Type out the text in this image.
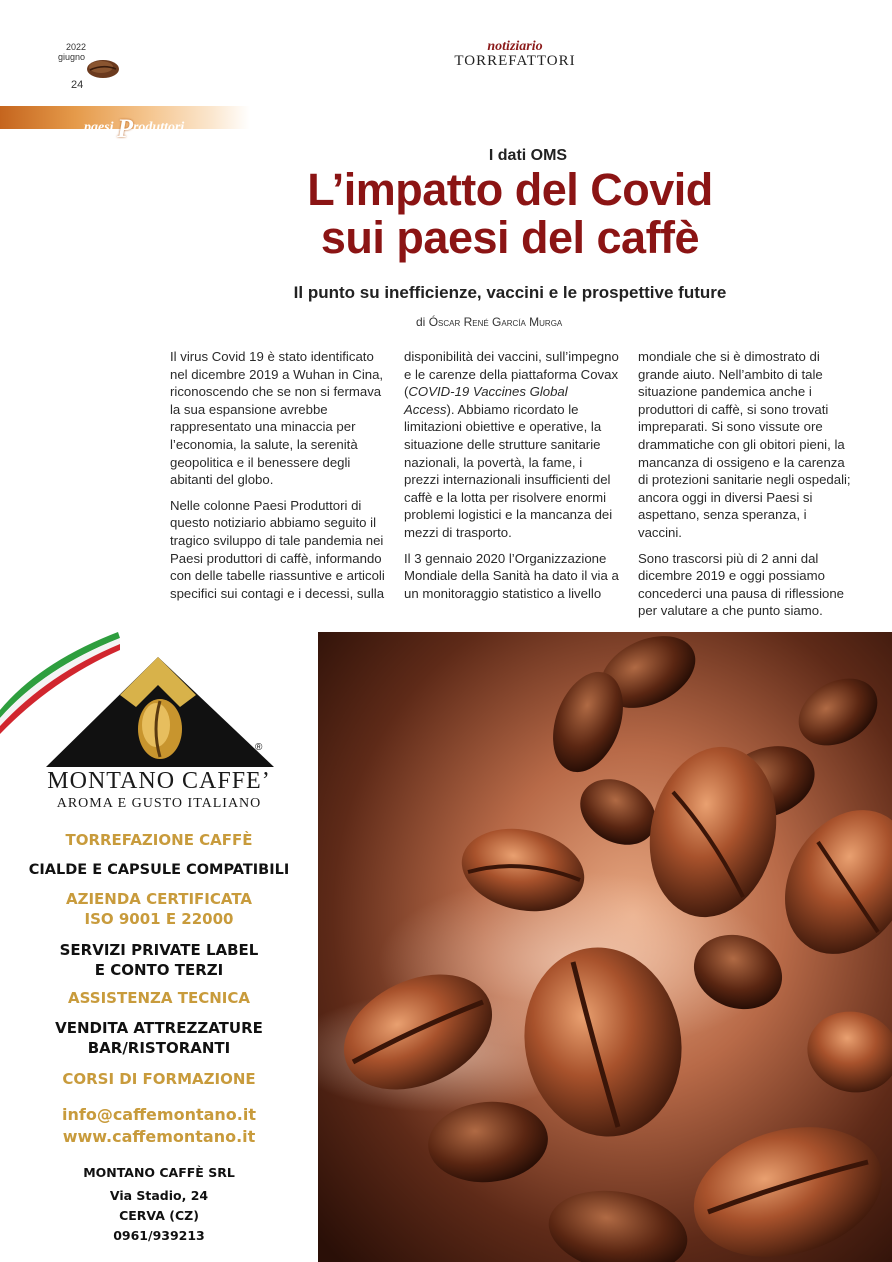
2022
giugno
24
notiziario
TORREFATTORI
paesi Produttori
I dati OMS
L’impatto del Covid
sui paesi del caffè
Il punto su inefficienze, vaccini e le prospettive future
di Óscar René García Murga

Il virus Covid 19 è stato identificato nel dicembre 2019 a Wuhan in Cina, riconoscendo che se non si fermava la sua espansione avrebbe rappresentato una minaccia per l’economia, la salute, la serenità geopolitica e il benessere degli abitanti del globo.

Nelle colonne Paesi Produttori di questo notiziario abbiamo seguito il tragico sviluppo di tale pandemia nei Paesi produttori di caffè, informando con delle tabelle riassuntive e articoli specifici sui contagi e i decessi, sulla

disponibilità dei vaccini, sull’impegno e le carenze della piattaforma Covax (COVID-19 Vaccines Global Access). Abbiamo ricordato le limitazioni obiettive e operative, la situazione delle strutture sanitarie nazionali, la povertà, la fame, i prezzi internazionali insufficienti del caffè e la lotta per risolvere enormi problemi logistici e la mancanza dei mezzi di trasporto.

Il 3 gennaio 2020 l’Organizzazione Mondiale della Sanità ha dato il via a un monitoraggio statistico a livello

mondiale che si è dimostrato di grande aiuto. Nell’ambito di tale situazione pandemica anche i produttori di caffè, si sono trovati impreparati. Si sono vissute ore drammatiche con gli obitori pieni, la mancanza di ossigeno e la carenza di protezioni sanitarie negli ospedali; ancora oggi in diversi Paesi si aspettano, senza speranza, i vaccini.

Sono trascorsi più di 2 anni dal dicembre 2019 e oggi possiamo concederci una pausa di riflessione per valutare a che punto siamo.

®
MONTANO CAFFE’
AROMA E GUSTO ITALIANO
TORREFAZIONE CAFFÈ
CIALDE E CAPSULE COMPATIBILI
AZIENDA CERTIFICATA
ISO 9001 E 22000
SERVIZI PRIVATE LABEL
E CONTO TERZI
ASSISTENZA TECNICA
VENDITA ATTREZZATURE
BAR/RISTORANTI
CORSI DI FORMAZIONE
info@caffemontano.it
www.caffemontano.it
MONTANO CAFFÈ SRL
Via Stadio, 24
CERVA (CZ)
0961/939213
